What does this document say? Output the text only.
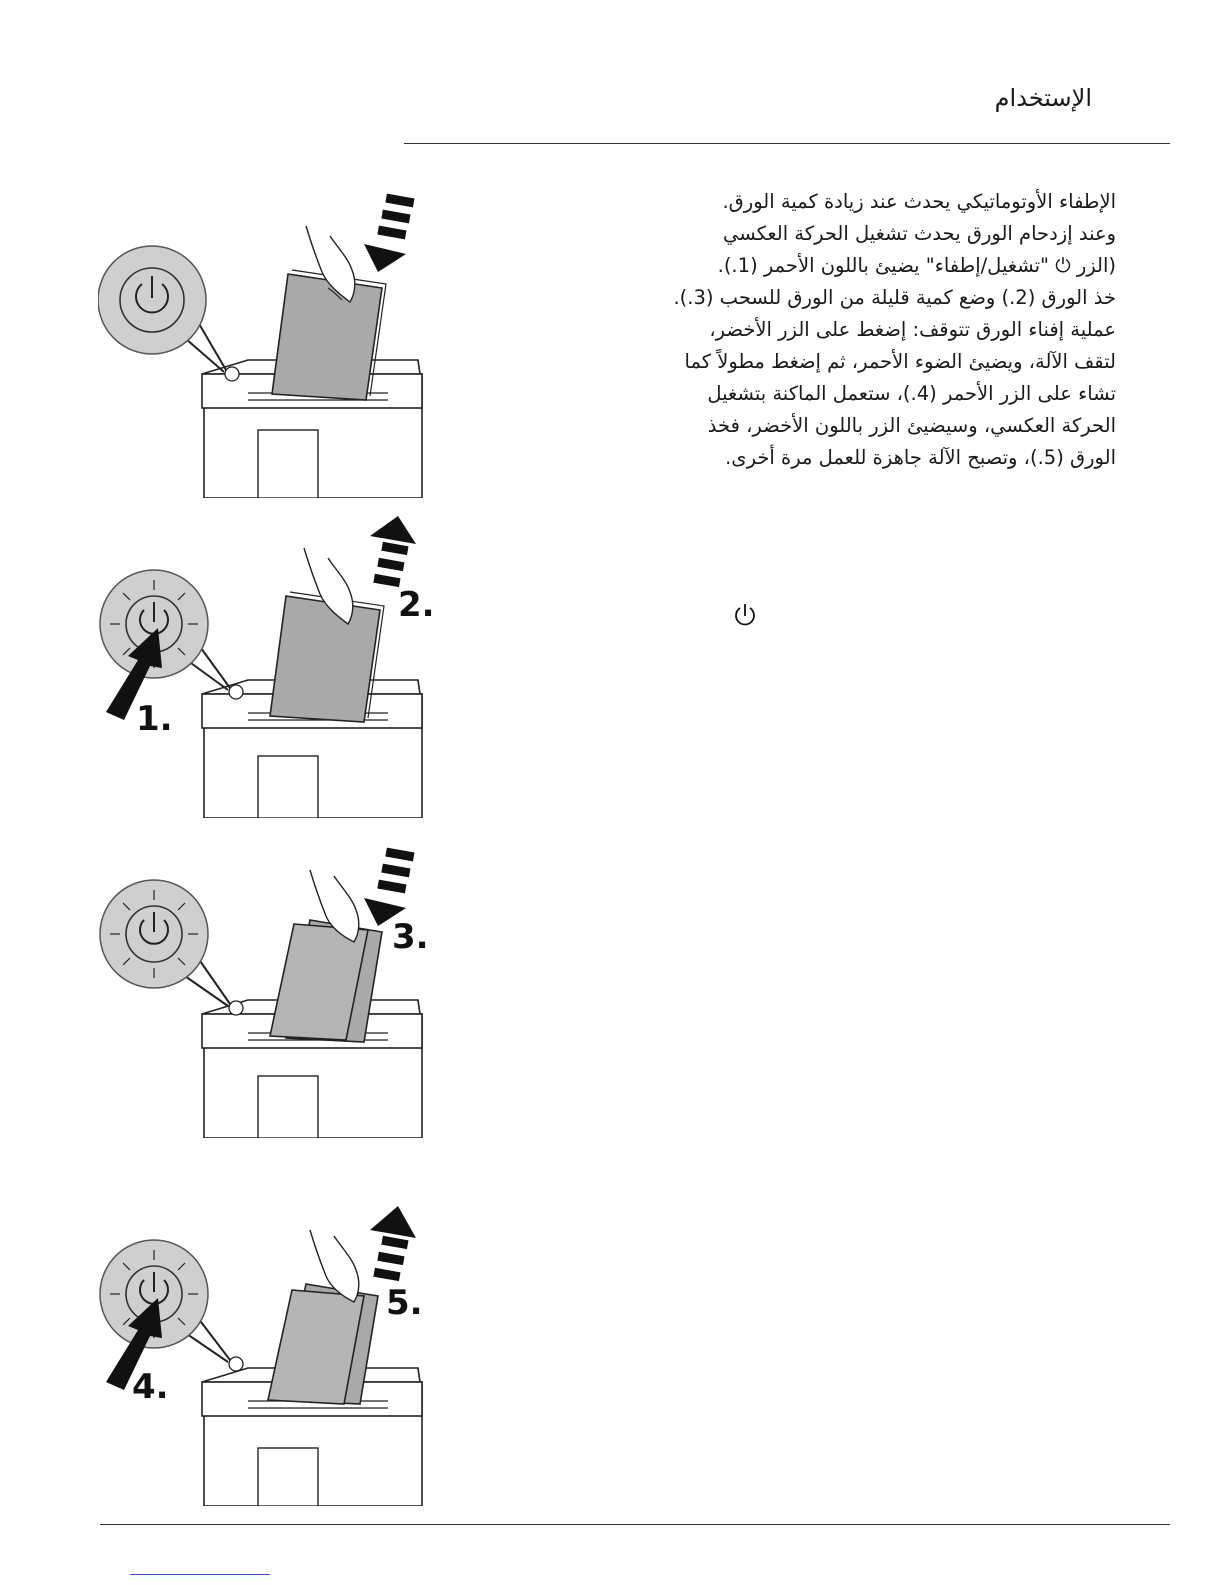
الإستخدام

الإطفاء الأوتوماتيكي يحدث عند زيادة كمية الورق.

وعند إزدحام الورق يحدث تشغيل الحركة العكسي

(الزر ⏻ "تشغيل/إطفاء" يضيئ باللون الأحمر (1.).

خذ الورق (2.) وضع كمية قليلة من الورق للسحب (3.).

عملية إفناء الورق تتوقف: إضغط على الزر الأخضر،

لتقف الآلة، ويضيئ الضوء الأحمر، ثم إضغط مطولاً كما

تشاء على الزر الأحمر (4.)، ستعمل الماكنة بتشغيل

الحركة العكسي، وسيضيئ الزر باللون الأخضر، فخذ

الورق (5.)، وتصبح الآلة جاهزة للعمل مرة أخرى.

2.
1.
3.
5.
4.
